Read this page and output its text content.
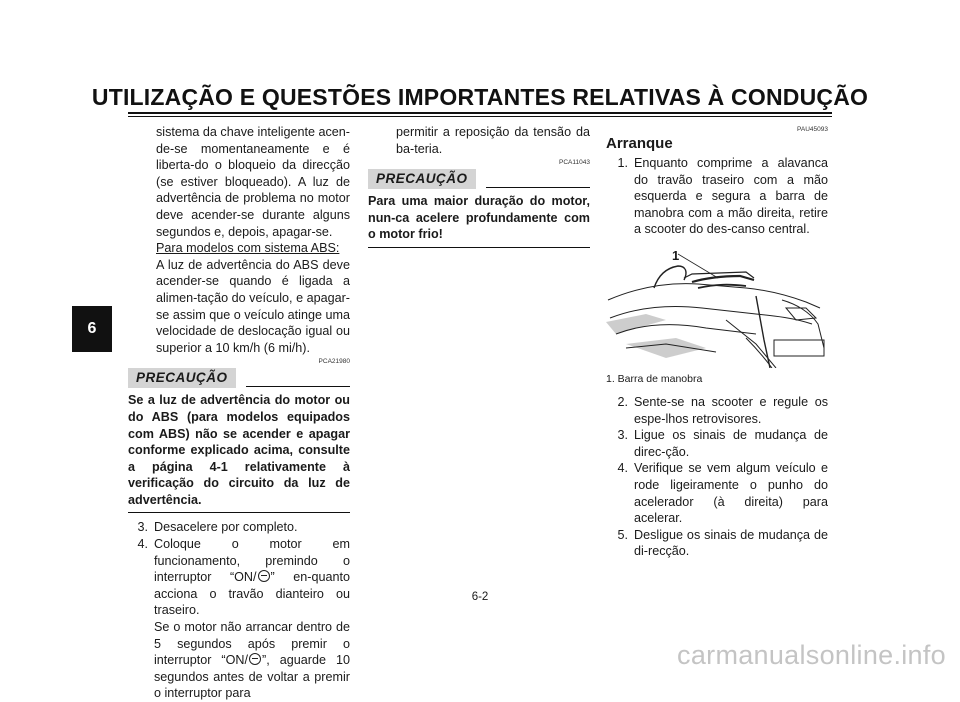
UTILIZAÇÃO E QUESTÕES IMPORTANTES RELATIVAS À CONDUÇÃO
6

sistema da chave inteligente acen-de-se momentaneamente e é liberta-do o bloqueio da direcção (se estiver bloqueado). A luz de advertência de problema no motor deve acender-se durante alguns segundos e, depois, apagar-se.

Para modelos com sistema ABS:

A luz de advertência do ABS deve acender-se quando é ligada a alimen-tação do veículo, e apagar-se assim que o veículo atinge uma velocidade de deslocação igual ou superior a 10 km/h (6 mi/h).

PCA21980
PRECAUÇÃO

Se a luz de advertência do motor ou do ABS (para modelos equipados com ABS) não se acender e apagar conforme explicado acima, consulte a página 4-1 relativamente à verificação do circuito da luz de advertência.

3. Desacelere por completo.
4. Coloque o motor em funcionamento, premindo o interruptor “ON/ ” en-quanto acciona o travão dianteiro ou traseiro.
Se o motor não arrancar dentro de 5 segundos após premir o interruptor “ON/ ”, aguarde 10 segundos antes de voltar a premir o interruptor para

permitir a reposição da tensão da ba-teria.

PCA11043
PRECAUÇÃO

Para uma maior duração do motor, nun-ca acelere profundamente com o motor frio!

PAU45093
Arranque
1. Enquanto comprime a alavanca do travão traseiro com a mão esquerda e segura a barra de manobra com a mão direita, retire a scooter do des-canso central.
1

1. Barra de manobra

2. Sente-se na scooter e regule os espe-lhos retrovisores.
3. Ligue os sinais de mudança de direc-ção.
4. Verifique se vem algum veículo e rode ligeiramente o punho do acelerador (à direita) para acelerar.
5. Desligue os sinais de mudança de di-recção.
6-2
carmanualsonline.info
